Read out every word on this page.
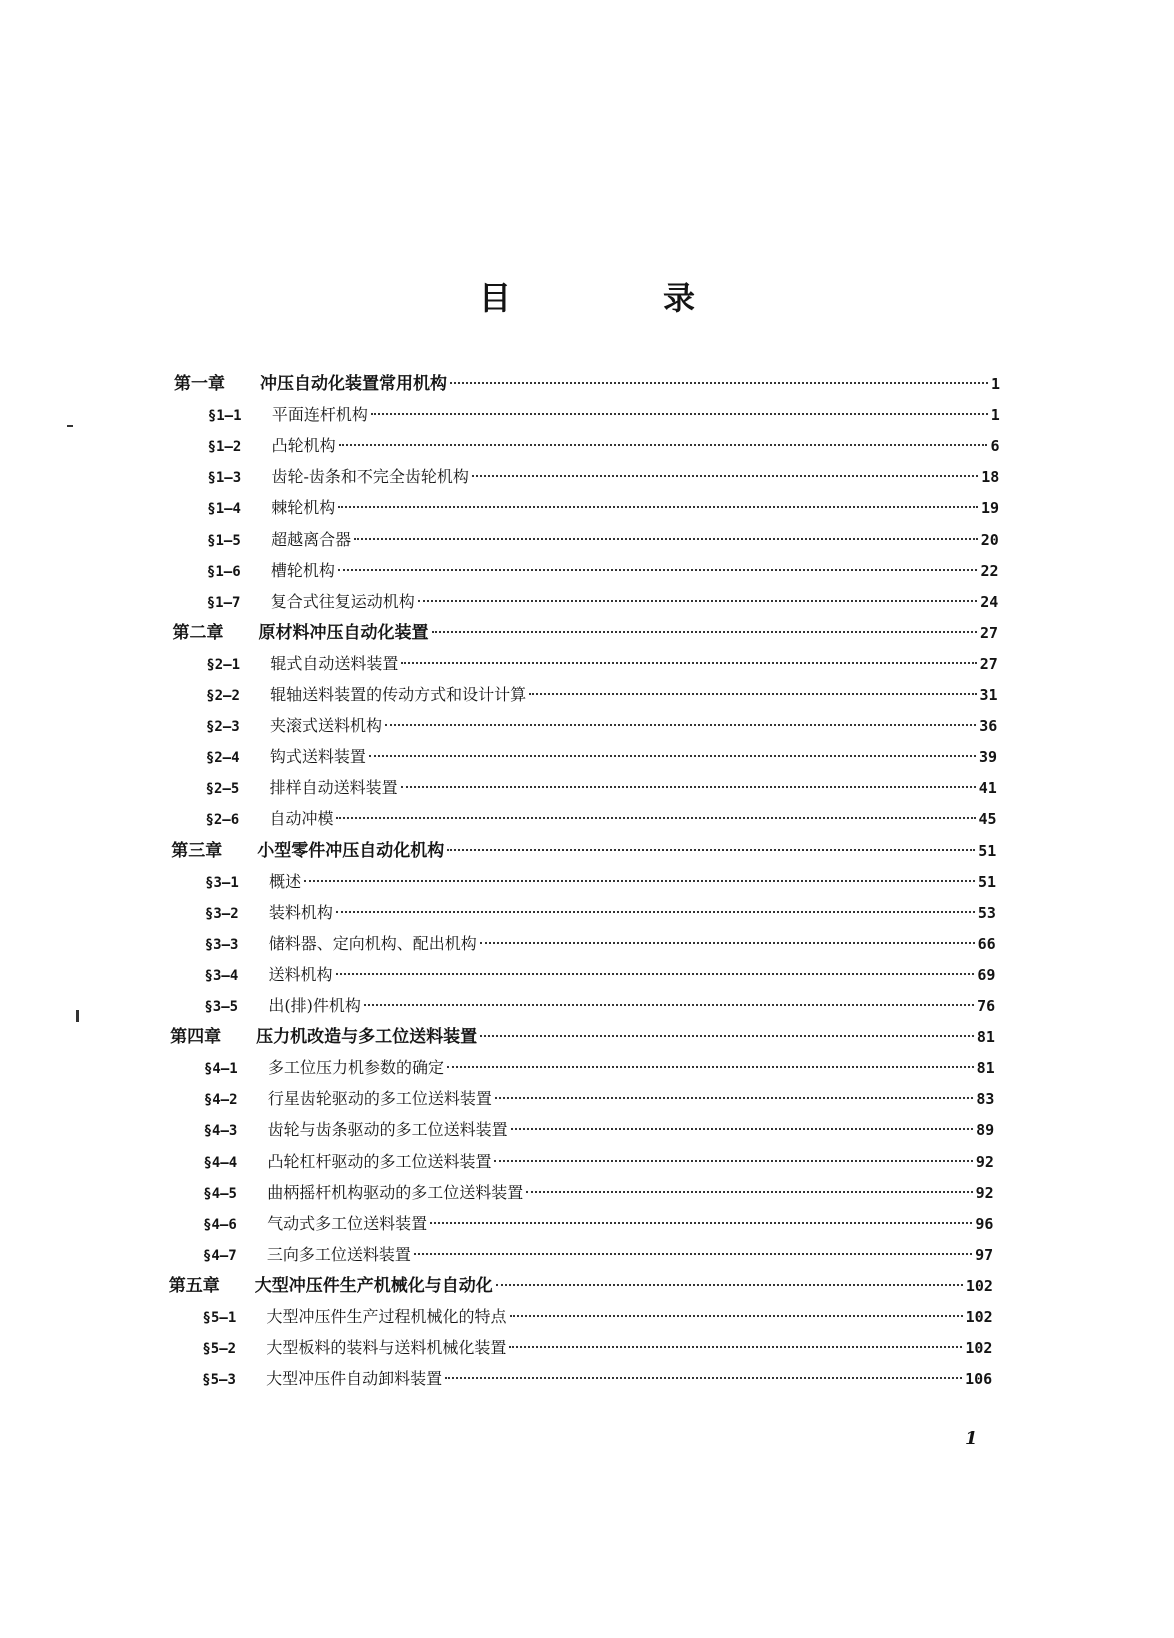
目　录
第一章	冲压自动化装置常用机构	1
§1—1	平面连杆机构	1
§1—2	凸轮机构	6
§1—3	齿轮-齿条和不完全齿轮机构	18
§1—4	棘轮机构	19
§1—5	超越离合器	20
§1—6	槽轮机构	22
§1—7	复合式往复运动机构	24
第二章	原材料冲压自动化装置	27
§2—1	辊式自动送料装置	27
§2—2	辊轴送料装置的传动方式和设计计算	31
§2—3	夹滚式送料机构	36
§2—4	钩式送料装置	39
§2—5	排样自动送料装置	41
§2—6	自动冲模	45
第三章	小型零件冲压自动化机构	51
§3—1	概述	51
§3—2	装料机构	53
§3—3	储料器、定向机构、配出机构	66
§3—4	送料机构	69
§3—5	出(排)件机构	76
第四章	压力机改造与多工位送料装置	81
§4—1	多工位压力机参数的确定	81
§4—2	行星齿轮驱动的多工位送料装置	83
§4—3	齿轮与齿条驱动的多工位送料装置	89
§4—4	凸轮杠杆驱动的多工位送料装置	92
§4—5	曲柄摇杆机构驱动的多工位送料装置	92
§4—6	气动式多工位送料装置	96
§4—7	三向多工位送料装置	97
第五章	大型冲压件生产机械化与自动化	102
§5—1	大型冲压件生产过程机械化的特点	102
§5—2	大型板料的装料与送料机械化装置	102
§5—3	大型冲压件自动卸料装置	106
1
